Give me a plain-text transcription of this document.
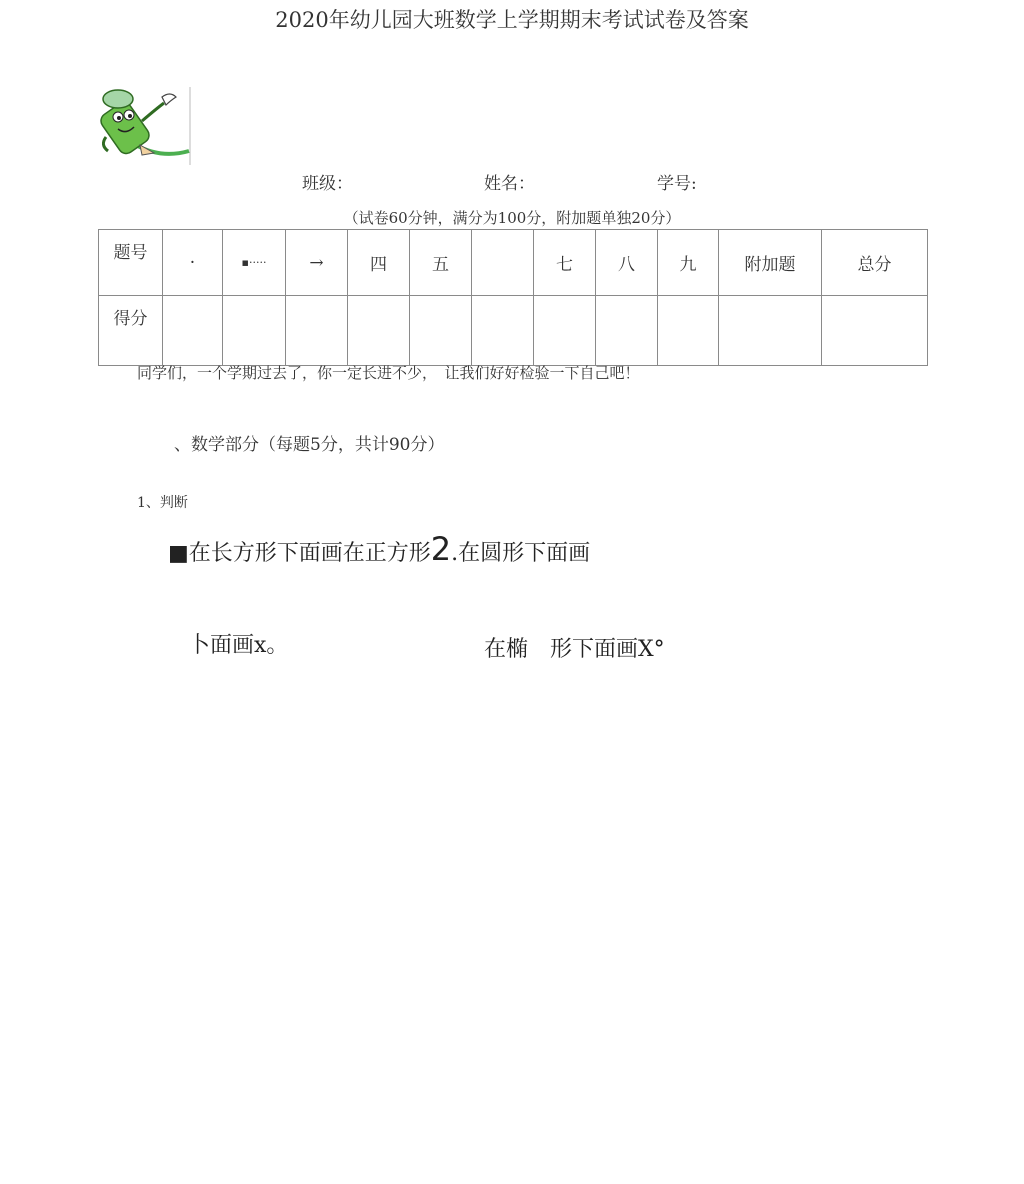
2020年幼儿园大班数学上学期期末考试试卷及答案
班级：	姓名：	学号:
（试卷60分钟，满分为100分，附加题单独20分）
题号	·	▪·····	→	四	五		七	八	九	附加题	总分
得分											
同学们，一个学期过去了，你一定长进不少，　让我们好好检验一下自己吧！
、数学部分（每题5分，共计90分）
1、判断
■在长方形下面画在正方形2.在圆形下面画
卜面画x。	在椭　形下面画X°
